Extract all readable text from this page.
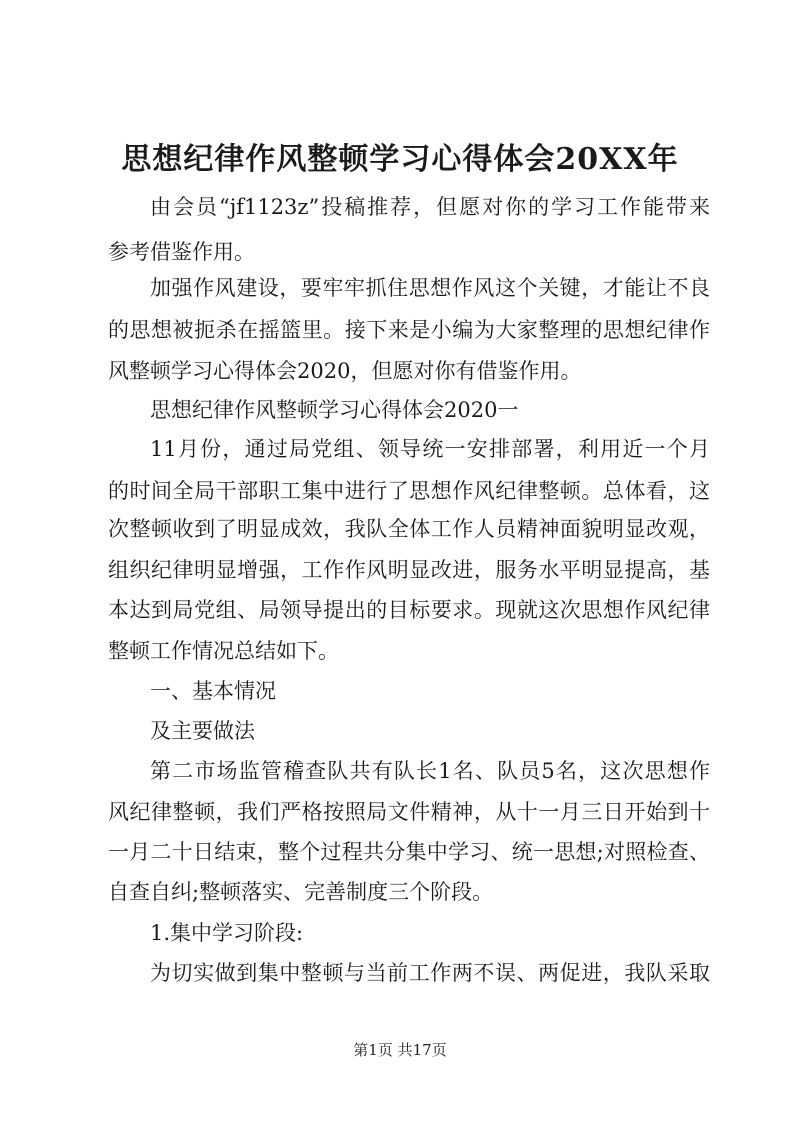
思想纪律作风整顿学习心得体会20XX年
由会员“jf1123z”投稿推荐，但愿对你的学习工作能带来
参考借鉴作用。
加强作风建设，要牢牢抓住思想作风这个关键，才能让不良
的思想被扼杀在摇篮里。接下来是小编为大家整理的思想纪律作
风整顿学习心得体会2020，但愿对你有借鉴作用。
思想纪律作风整顿学习心得体会2020一
11月份，通过局党组、领导统一安排部署，利用近一个月
的时间全局干部职工集中进行了思想作风纪律整顿。总体看，这
次整顿收到了明显成效，我队全体工作人员精神面貌明显改观，
组织纪律明显增强，工作作风明显改进，服务水平明显提高，基
本达到局党组、局领导提出的目标要求。现就这次思想作风纪律
整顿工作情况总结如下。
一、基本情况
及主要做法
第二市场监管稽查队共有队长1名、队员5名，这次思想作
风纪律整顿，我们严格按照局文件精神，从十一月三日开始到十
一月二十日结束，整个过程共分集中学习、统一思想;对照检查、
自查自纠;整顿落实、完善制度三个阶段。
1.集中学习阶段:
为切实做到集中整顿与当前工作两不误、两促进，我队采取
第1页 共17页
